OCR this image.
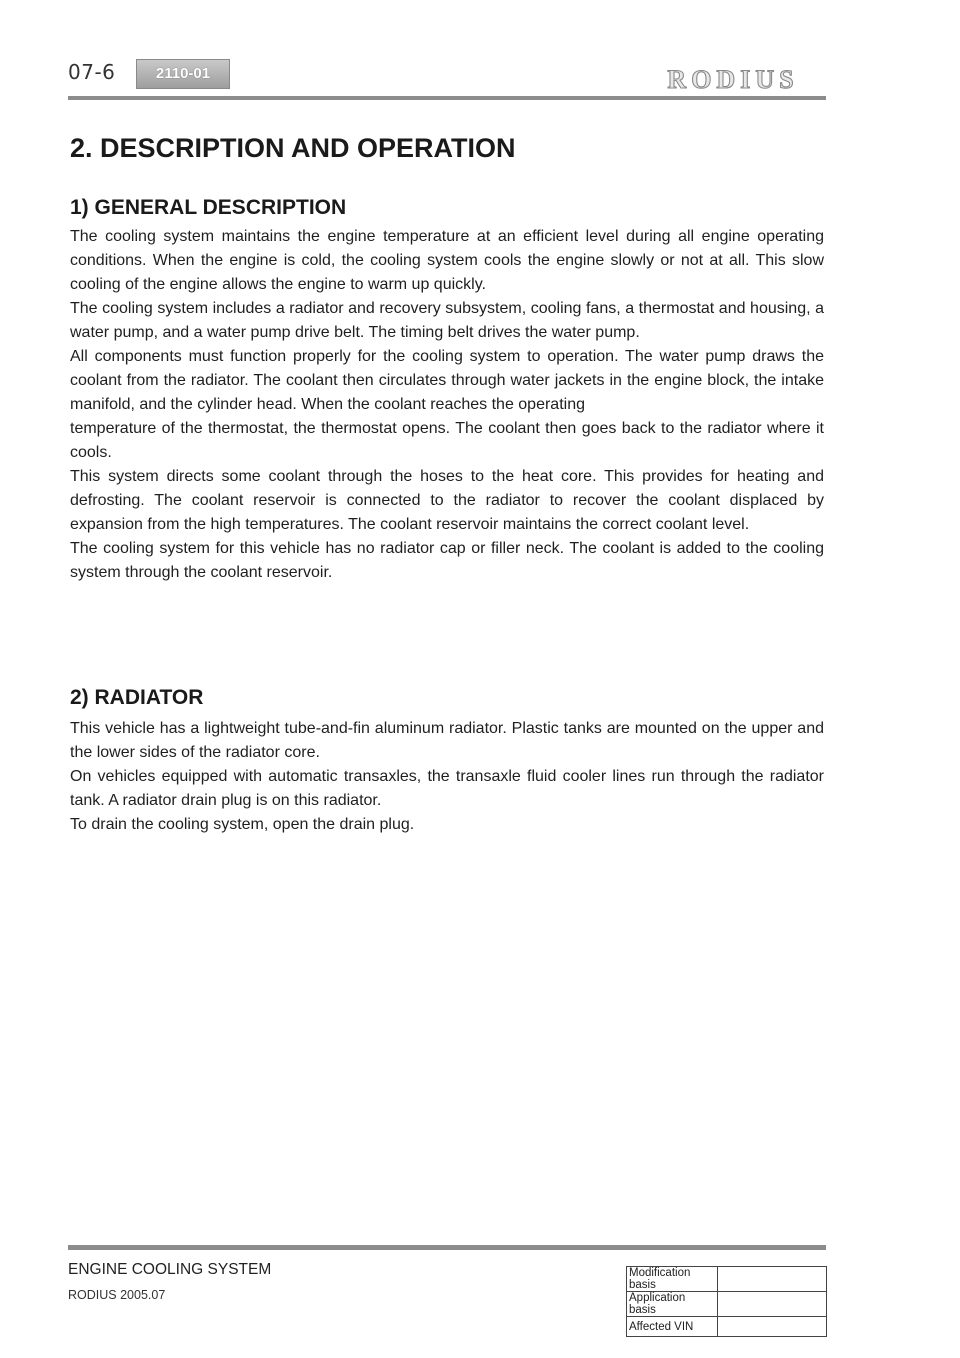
07-6	2110-01	RODIUS
2. DESCRIPTION AND OPERATION
1) GENERAL DESCRIPTION

The cooling system maintains the engine temperature at an efficient level during all engine operating conditions. When the engine is cold, the cooling system cools the engine slowly or not at all. This slow cooling of the engine allows the engine to warm up quickly.

The cooling system includes a radiator and recovery subsystem, cooling fans, a thermostat and housing, a water pump, and a water pump drive belt. The timing belt drives the water pump.

All components must function properly for the cooling system to operation. The water pump draws the coolant from the radiator. The coolant then circulates through water jackets in the engine block, the intake manifold, and the cylinder head. When the coolant reaches the operating

temperature of the thermostat, the thermostat opens. The coolant then goes back to the radiator where it cools.

This system directs some coolant through the hoses to the heat core. This provides for heating and defrosting. The coolant reservoir is connected to the radiator to recover the coolant displaced by expansion from the high temperatures. The coolant reservoir maintains the correct coolant level.

The cooling system for this vehicle has no radiator cap or filler neck. The coolant is added to the cooling system through the coolant reservoir.

2) RADIATOR

This vehicle has a lightweight tube-and-fin aluminum radiator. Plastic tanks are mounted on the upper and the lower sides of the radiator core.

On vehicles equipped with automatic transaxles, the transaxle fluid cooler lines run through the radiator tank. A radiator drain plug is on this radiator.

To drain the cooling system, open the drain plug.

ENGINE COOLING SYSTEM
RODIUS 2005.07
Modification basis	
Application basis	
Affected VIN	
